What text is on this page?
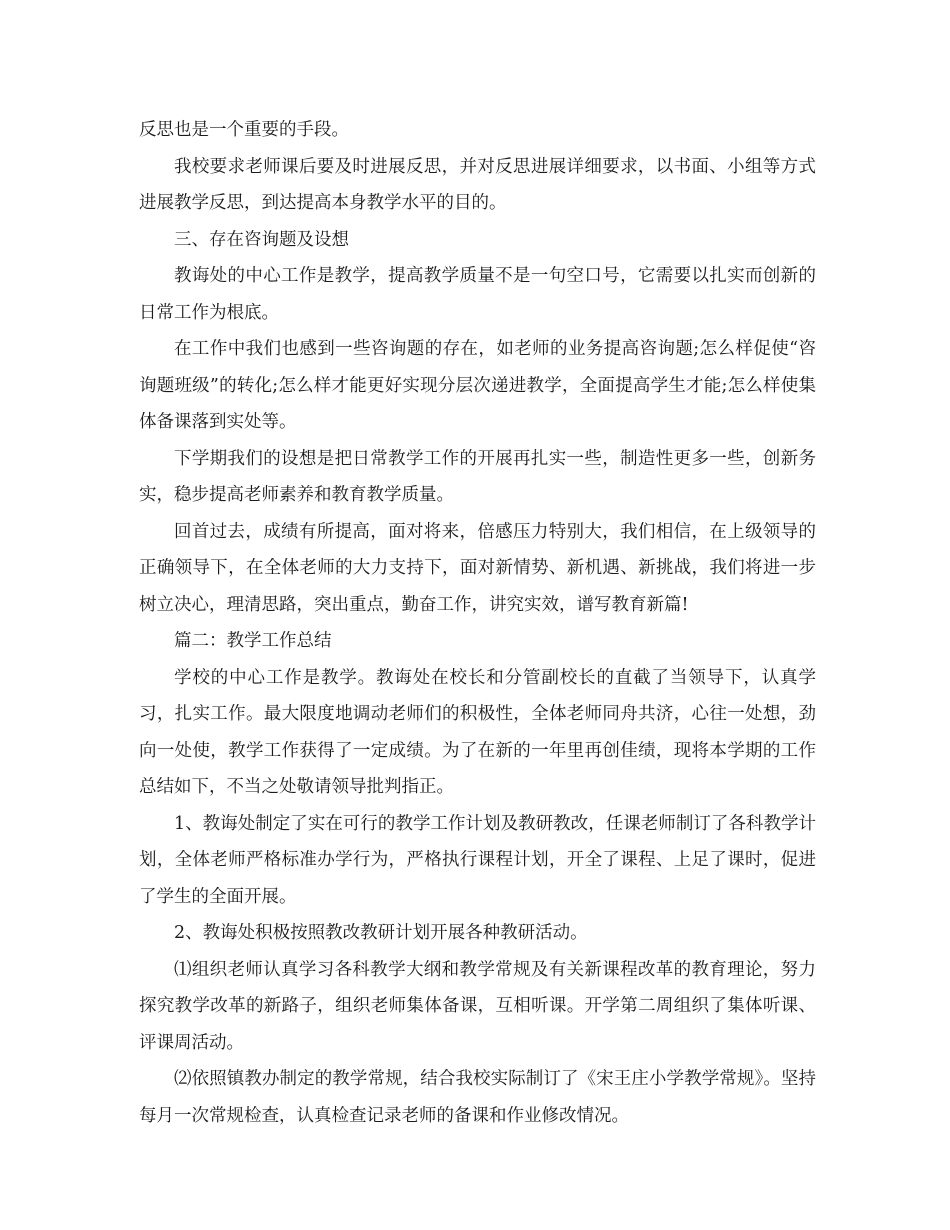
反思也是一个重要的手段。

我校要求老师课后要及时进展反思，并对反思进展详细要求，以书面、小组等方式进展教学反思，到达提高本身教学水平的目的。

三、存在咨询题及设想

教诲处的中心工作是教学，提高教学质量不是一句空口号，它需要以扎实而创新的日常工作为根底。

在工作中我们也感到一些咨询题的存在，如老师的业务提高咨询题;怎么样促使“咨询题班级”的转化;怎么样才能更好实现分层次递进教学，全面提高学生才能;怎么样使集体备课落到实处等。

下学期我们的设想是把日常教学工作的开展再扎实一些，制造性更多一些，创新务实，稳步提高老师素养和教育教学质量。

回首过去，成绩有所提高，面对将来，倍感压力特别大，我们相信，在上级领导的正确领导下，在全体老师的大力支持下，面对新情势、新机遇、新挑战，我们将进一步树立决心，理清思路，突出重点，勤奋工作，讲究实效，谱写教育新篇!

篇二：教学工作总结

学校的中心工作是教学。教诲处在校长和分管副校长的直截了当领导下，认真学习，扎实工作。最大限度地调动老师们的积极性，全体老师同舟共济，心往一处想，劲向一处使，教学工作获得了一定成绩。为了在新的一年里再创佳绩，现将本学期的工作总结如下，不当之处敬请领导批判指正。

1、教诲处制定了实在可行的教学工作计划及教研教改，任课老师制订了各科教学计划，全体老师严格标准办学行为，严格执行课程计划，开全了课程、上足了课时，促进了学生的全面开展。

2、教诲处积极按照教改教研计划开展各种教研活动。

⑴组织老师认真学习各科教学大纲和教学常规及有关新课程改革的教育理论，努力探究教学改革的新路子，组织老师集体备课，互相听课。开学第二周组织了集体听课、评课周活动。

⑵依照镇教办制定的教学常规，结合我校实际制订了《宋王庄小学教学常规》。坚持每月一次常规检查，认真检查记录老师的备课和作业修改情况。
